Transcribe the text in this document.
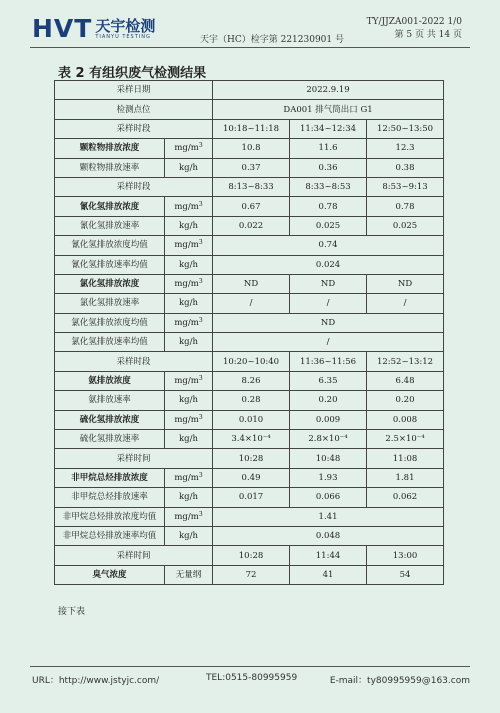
HVT 天宇检测
TIANYU TESTING	天宇（HC）检字第 221230901 号
TY/JJZA001-2022 1/0
第 5 页 共 14 页
表 2 有组织废气检测结果
采样日期		2022.9.19		
检测点位		DA001 排气筒出口 G1		
采样时段		10:18~11:18	11:34~12:34	12:50~13:50
颗粒物排放浓度	$mg/m^3$	10.8	11.6	12.3
颗粒物排放速率	kg/h	0.37	0.36	0.38
采样时段		8:13~8:33	8:33~8:53	8:53~9:13
氰化氢排放浓度	$mg/m^3$	0.67	0.78	0.78
氰化氢排放速率	kg/h	0.022	0.025	0.025
氰化氢排放浓度均值	$mg/m^3$	0.74		
氰化氢排放速率均值	kg/h	0.024		
氯化氢排放浓度	$mg/m^3$	ND	ND	ND
氯化氢排放速率	kg/h	/	/	/
氯化氢排放浓度均值	$mg/m^3$	ND		
氯化氢排放速率均值	kg/h	/		
采样时段		10:20~10:40	11:36~11:56	12:52~13:12
氨排放浓度	$mg/m^3$	8.26	6.35	6.48
氨排放速率	kg/h	0.28	0.20	0.20
硫化氢排放浓度	$mg/m^3$	0.010	0.009	0.008
硫化氢排放速率	kg/h	3.4×10⁻⁴	2.8×10⁻⁴	2.5×10⁻⁴
采样时间		10:28	10:48	11:08
非甲烷总烃排放浓度	$mg/m^3$	0.49	1.93	1.81
非甲烷总烃排放速率	kg/h	0.017	0.066	0.062
非甲烷总烃排放浓度均值	$mg/m^3$	1.41		
非甲烷总烃排放速率均值	kg/h	0.048		
采样时间		10:28	11:44	13:00
臭气浓度	无量纲	72	41	54
接下表
URL：http://www.jstyjc.com/	TEL:0515-80995959	E-mail：ty80995959@163.com
